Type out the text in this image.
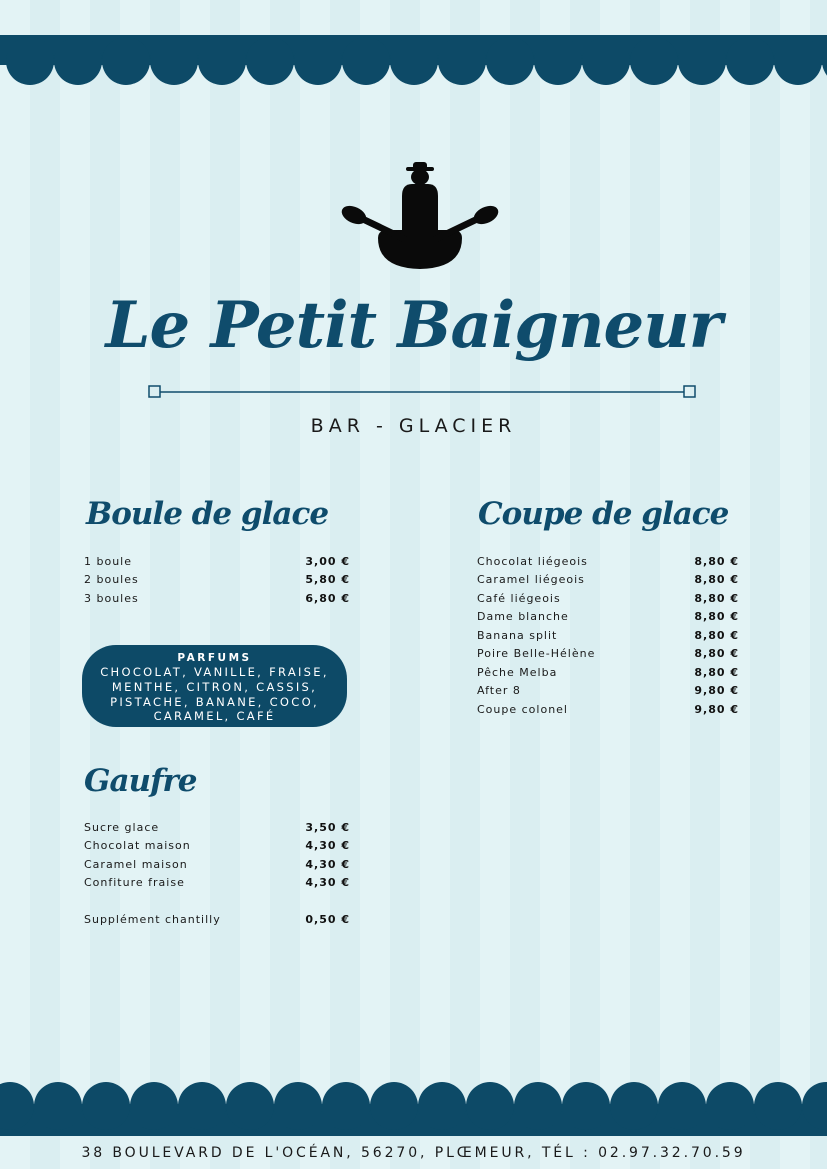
Le Petit Baigneur
BAR - GLACIER
Boule de glace
1 boule	3,00 €
2 boules	5,80 €
3 boules	6,80 €
PARFUMS
CHOCOLAT, VANILLE, FRAISE, MENTHE, CITRON, CASSIS, PISTACHE, BANANE, COCO, CARAMEL, CAFÉ
Gaufre
Sucre glace	3,50 €
Chocolat maison	4,30 €
Caramel maison	4,30 €
Confiture fraise	4,30 €
Supplément chantilly	0,50 €
Coupe de glace
Chocolat liégeois	8,80 €
Caramel liégeois	8,80 €
Café liégeois	8,80 €
Dame blanche	8,80 €
Banana split	8,80 €
Poire Belle-Hélène	8,80 €
Pêche Melba	8,80 €
After 8	9,80 €
Coupe colonel	9,80 €
38 BOULEVARD DE L'OCÉAN, 56270, PLŒMEUR, TÉL : 02.97.32.70.59
